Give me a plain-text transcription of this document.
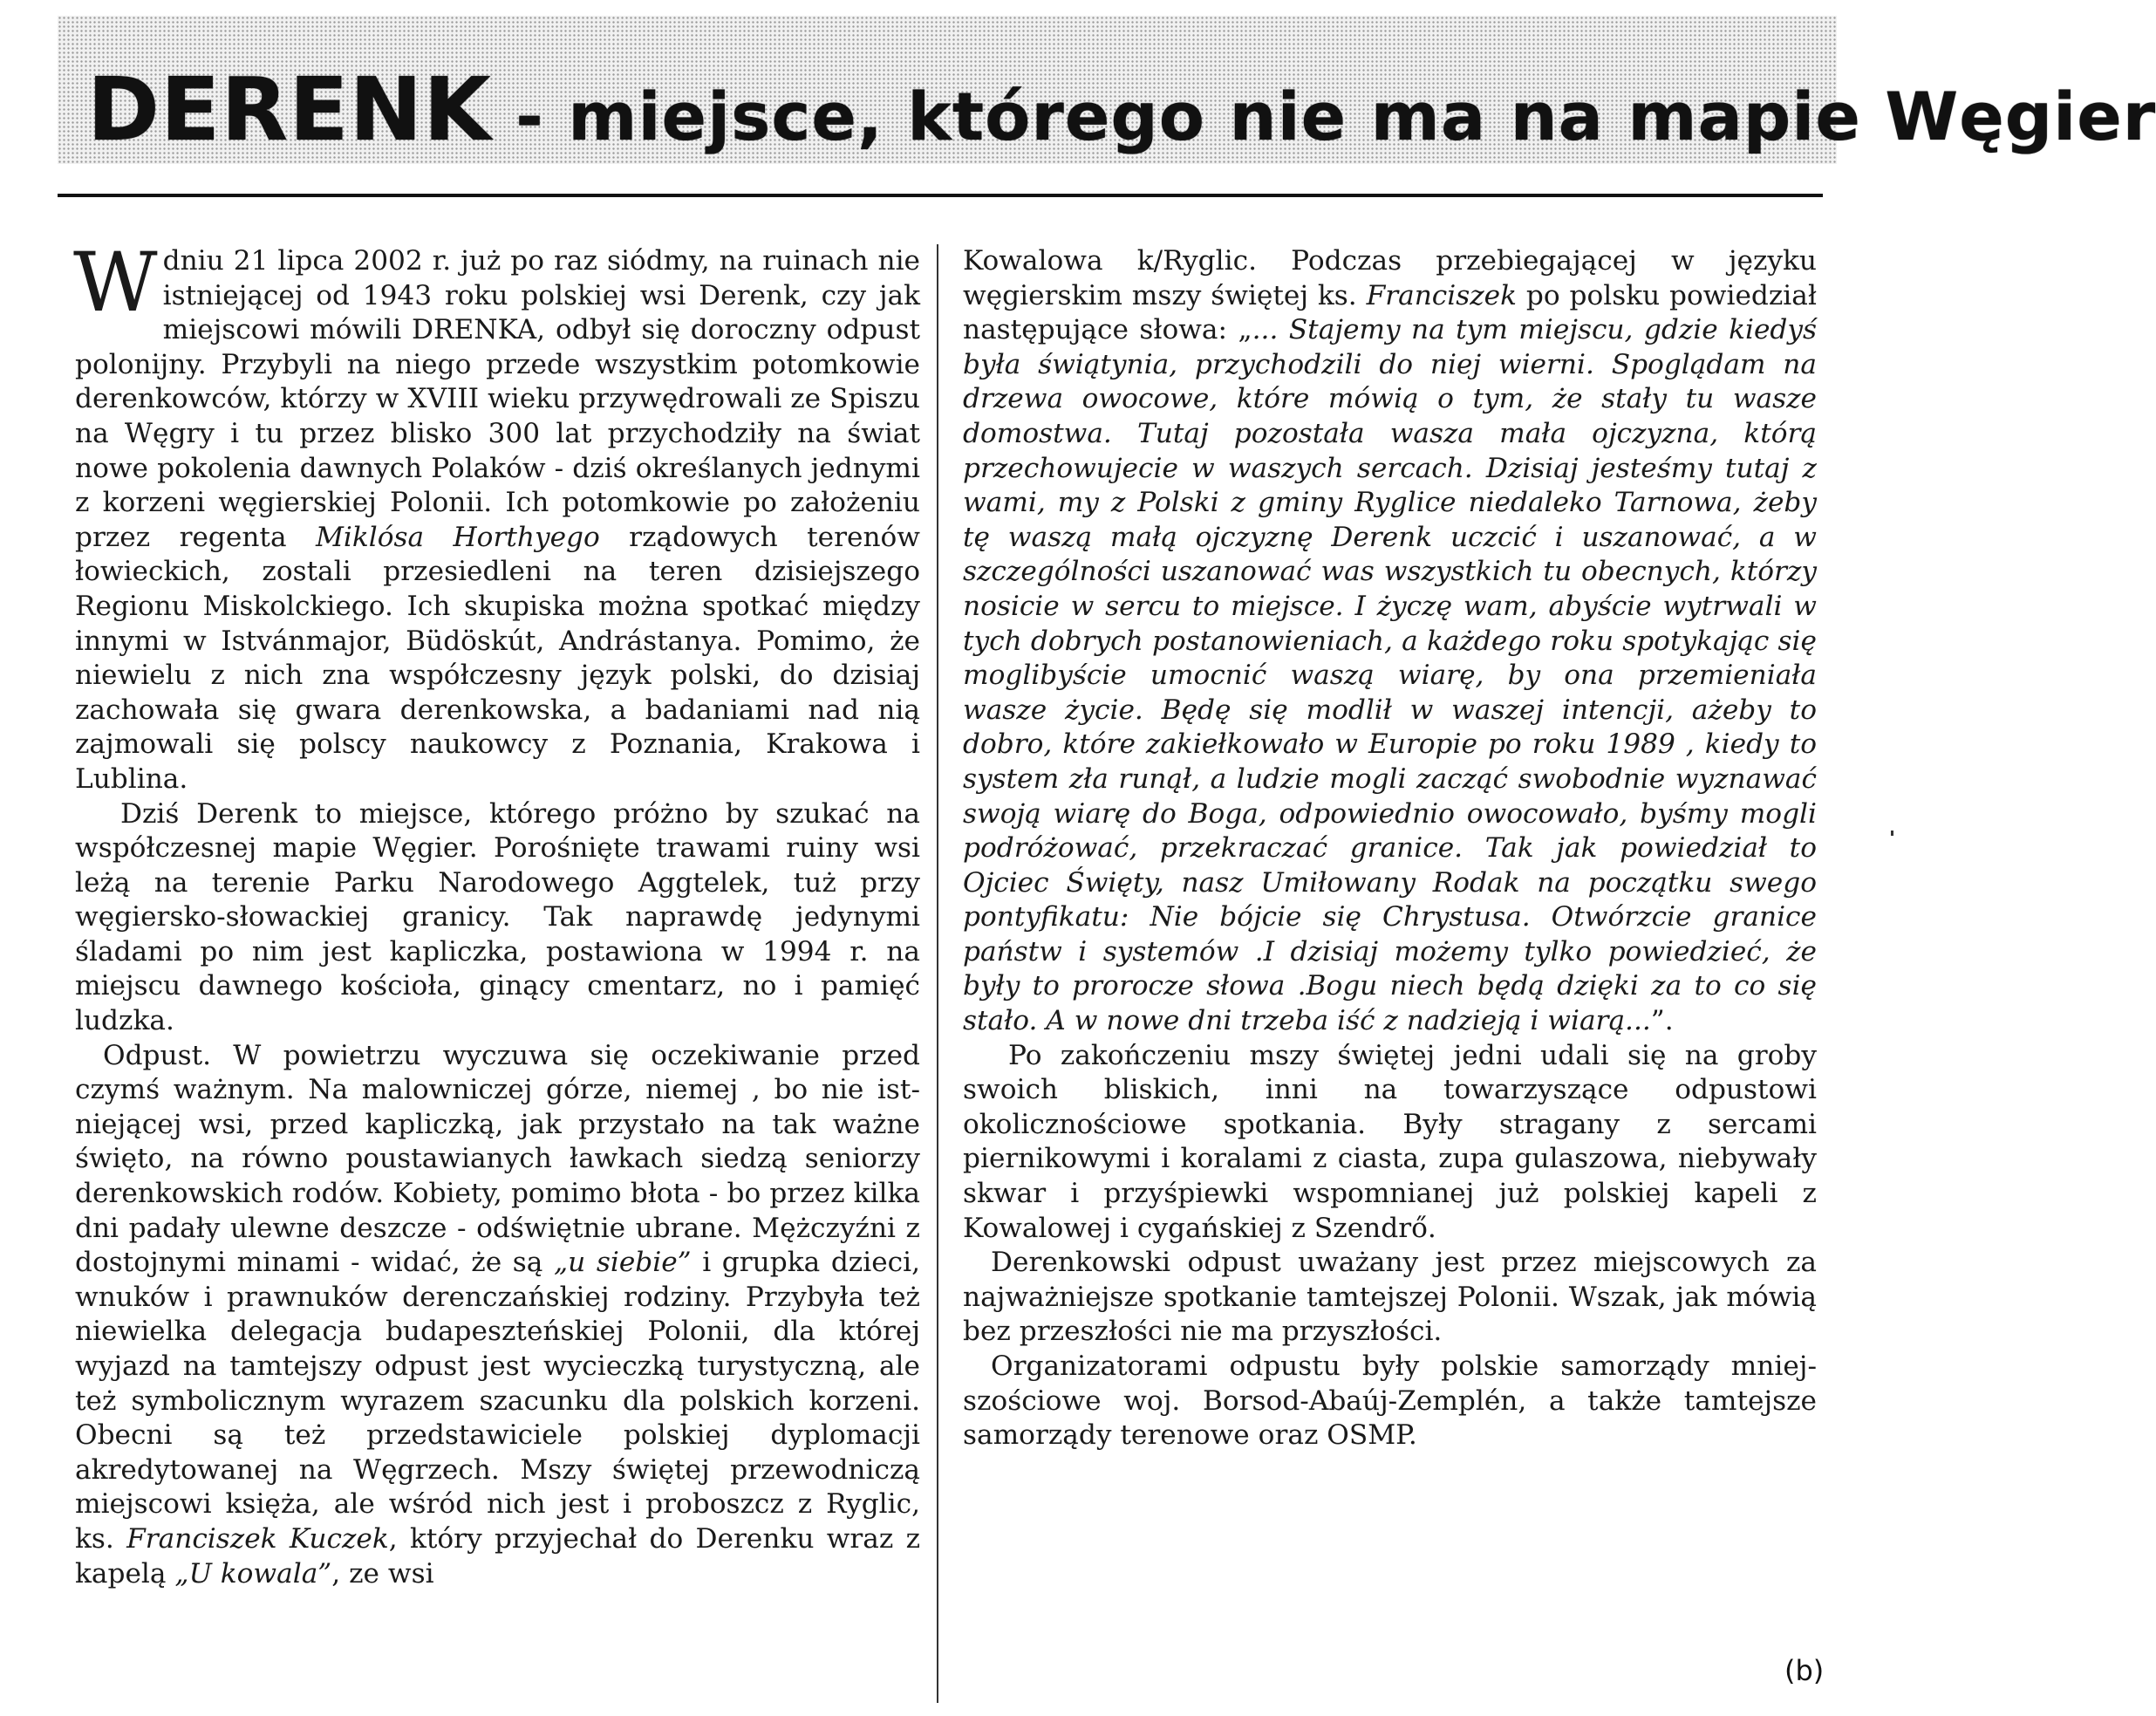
DERENK - miejsce, którego nie ma na mapie Węgier

Wdniu 21 lipca 2002 r. już po raz siódmy, na ruinach nie istniejącej od 1943 roku polskiej wsi Derenk, czy jak miejscowi mówili DRENKA, odbył się doroczny odpust polonijny. Przybyli na niego przede wszystkim potomkowie derenkowców, którzy w XVIII wieku przywędrowali ze Spiszu na Węgry i tu przez blisko 300 lat przychodziły na świat nowe pokolenia dawnych Polaków - dziś określanych jednymi z korzeni węgierskiej Polonii. Ich potomkowie po założeniu przez regenta Miklósa Horthyego rządowych terenów łowieckich, zostali przesiedleni na teren dzisiejszego Regionu Miskolckiego. Ich skupiska można spotkać między innymi w Istvánmajor, Büdöskút, Andrástanya. Pomimo, że niewielu z nich zna współczesny język polski, do dzisiaj zachowała się gwara derenkowska, a badaniami nad nią zajmowali się polscy naukowcy z Poznania, Krakowa i Lublina.

Dziś Derenk to miejsce, którego próżno by szukać na współczesnej mapie Węgier. Porośnięte trawami ruiny wsi leżą na terenie Parku Narodowego Aggtelek, tuż przy węgiersko-słowackiej granicy. Tak naprawdę jedynymi śladami po nim jest kapliczka, postawiona w 1994 r. na miejscu dawnego kościoła, ginący cmentarz, no i pamięć ludzka.

Odpust. W powietrzu wyczuwa się oczekiwanie przed czymś ważnym. Na malowniczej górze, niemej , bo nie istniejącej wsi, przed kapliczką, jak przystało na tak ważne święto, na równo poustawianych ławkach siedzą seniorzy derenkowskich rodów. Kobiety, pomimo błota - bo przez kilka dni padały ulewne deszcze - odświętnie ubrane. Mężczyźni z dostojnymi minami - widać, że są „u siebie” i grupka dzieci, wnuków i prawnuków derenczańskiej rodziny. Przybyła też niewielka delegacja budapeszteńskiej Polonii, dla której wyjazd na tamtejszy odpust jest wycieczką turystyczną, ale też symbolicznym wyrazem szacunku dla polskich korzeni. Obecni są też przedstawiciele polskiej dyplomacji akredytowanej na Węgrzech. Mszy świętej przewodniczą miejscowi księża, ale wśród nich jest i proboszcz z Ryglic, ks. Franciszek Kuczek, który przyjechał do Derenku wraz z kapelą „U kowala”, ze wsi

Kowalowa k/Ryglic. Podczas przebiegającej w języku węgierskim mszy świętej ks. Franciszek po polsku powiedział następujące słowa: „... Stajemy na tym miejscu, gdzie kiedyś była świątynia, przychodzili do niej wierni. Spoglądam na drzewa owocowe, które mówią o tym, że stały tu wasze domostwa. Tutaj pozostała wasza mała ojczyzna, którą przechowujecie w waszych sercach. Dzisiaj jesteśmy tutaj z wami, my z Polski z gminy Ryglice niedaleko Tarnowa, żeby tę waszą małą ojczyznę Derenk uczcić i uszanować, a w szczególności uszanować was wszystkich tu obecnych, którzy nosicie w sercu to miejsce. I życzę wam, abyście wytrwali w tych dobrych postanowieniach, a każdego roku spotykając się moglibyście umocnić waszą wiarę, by ona przemieniała wasze życie. Będę się modlił w waszej intencji, ażeby to dobro, które zakiełkowało w Europie po roku 1989 , kiedy to system zła runął, a ludzie mogli zacząć swobodnie wyznawać swoją wiarę do Boga, odpowiednio owocowało, byśmy mogli podróżować, przekraczać granice. Tak jak powiedział to Ojciec Święty, nasz Umiłowany Rodak na początku swego pontyfikatu: Nie bójcie się Chrystusa. Otwórzcie granice państw i systemów .I dzisiaj możemy tylko powiedzieć, że były to prorocze słowa .Bogu niech będą dzięki za to co się stało. A w nowe dni trzeba iść z nadzieją i wiarą...”.

Po zakończeniu mszy świętej jedni udali się na groby swoich bliskich, inni na towarzyszące odpustowi okolicznościowe spotkania. Były stragany z sercami piernikowymi i koralami z ciasta, zupa gulaszowa, niebywały skwar i przyśpiewki wspomnianej już polskiej kapeli z Kowalowej i cygańskiej z Szendrő.

Derenkowski odpust uważany jest przez miejscowych za najważniejsze spotkanie tamtejszej Polonii. Wszak, jak mówią bez przeszłości nie ma przyszłości.

Organizatorami odpustu były polskie samorządy mniejszościowe woj. Borsod-Abaúj-Zemplén, a także tamtejsze samorządy terenowe oraz OSMP.

(b)
